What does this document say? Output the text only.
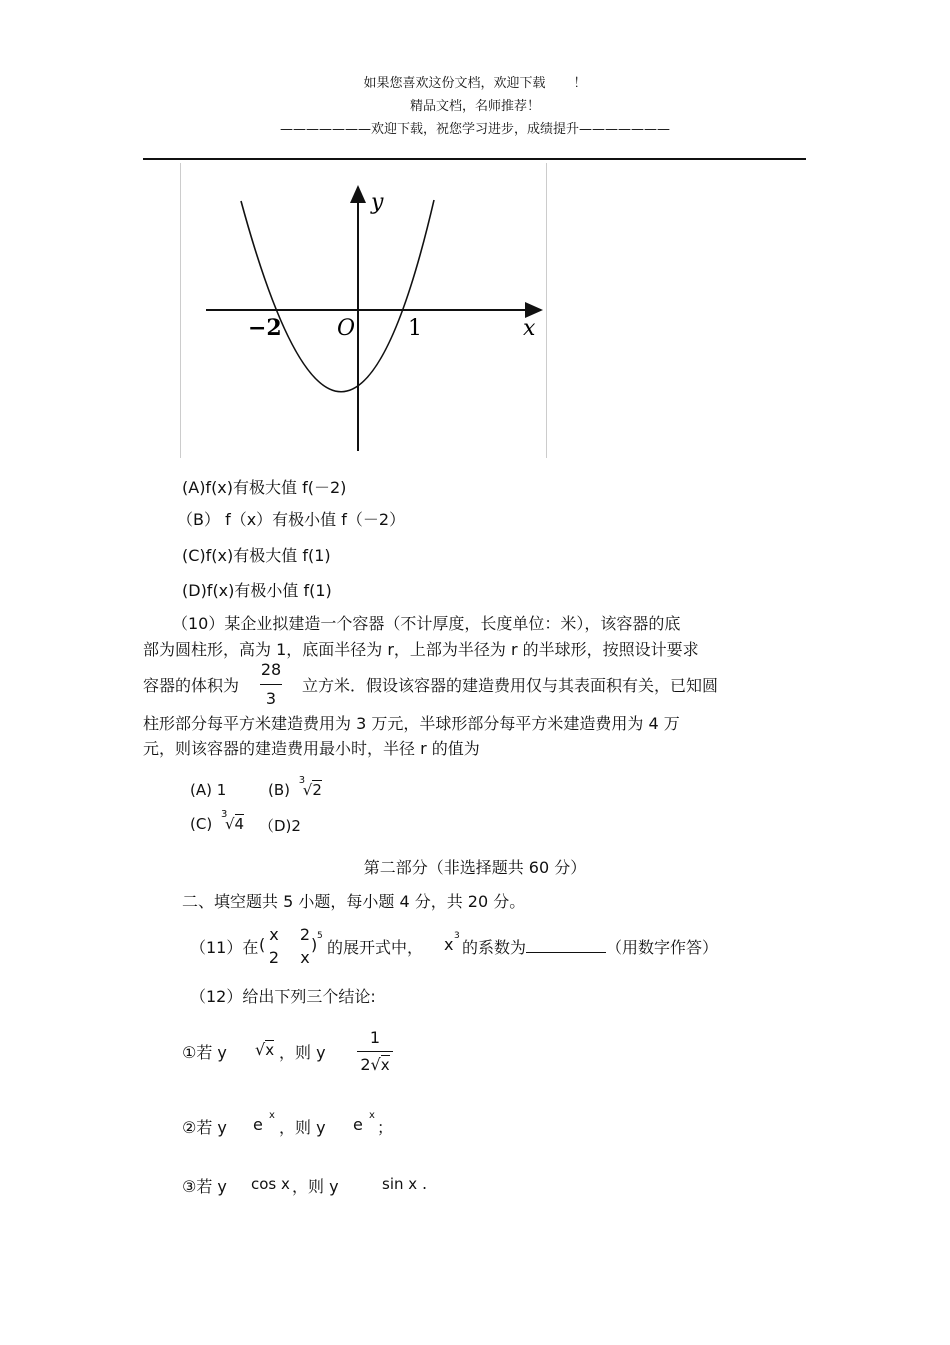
如果您喜欢这份文档，欢迎下载 ！
精品文档，名师推荐！
———————欢迎下载，祝您学习进步，成绩提升———————
y
x
O
−2	1
(A)f(x)有极大值 f(－2)
（B） f（x）有极小值 f（－2）
(C)f(x)有极大值 f(1)
(D)f(x)有极小值 f(1)
（10）某企业拟建造一个容器（不计厚度，长度单位：米），该容器的底
部为圆柱形，高为 1，底面半径为 r，上部为半径为 r 的半球形，按照设计要求
容器的体积为
28
3
立方米．假设该容器的建造费用仅与其表面积有关，已知圆
柱形部分每平方米建造费用为 3 万元，半球形部分每平方米建造费用为 4 万
元，则该容器的建造费用最小时，半径 r 的值为
(A) 1	(B)
3
√2
(C)
3
√4 （D)2
第二部分（非选择题共 60 分）
二、填空题共 5 小题，每小题 4 分，共 20 分。
（11）在 (
x
2
2
x
) 5
的展开式中， x 3
的系数为	（用数字作答）
（12）给出下列三个结论:
①若 y √x ，则 y
1
2√x
②若 y e x
，则 y e x
；
③若 y cos x ，则 y	sin x .
